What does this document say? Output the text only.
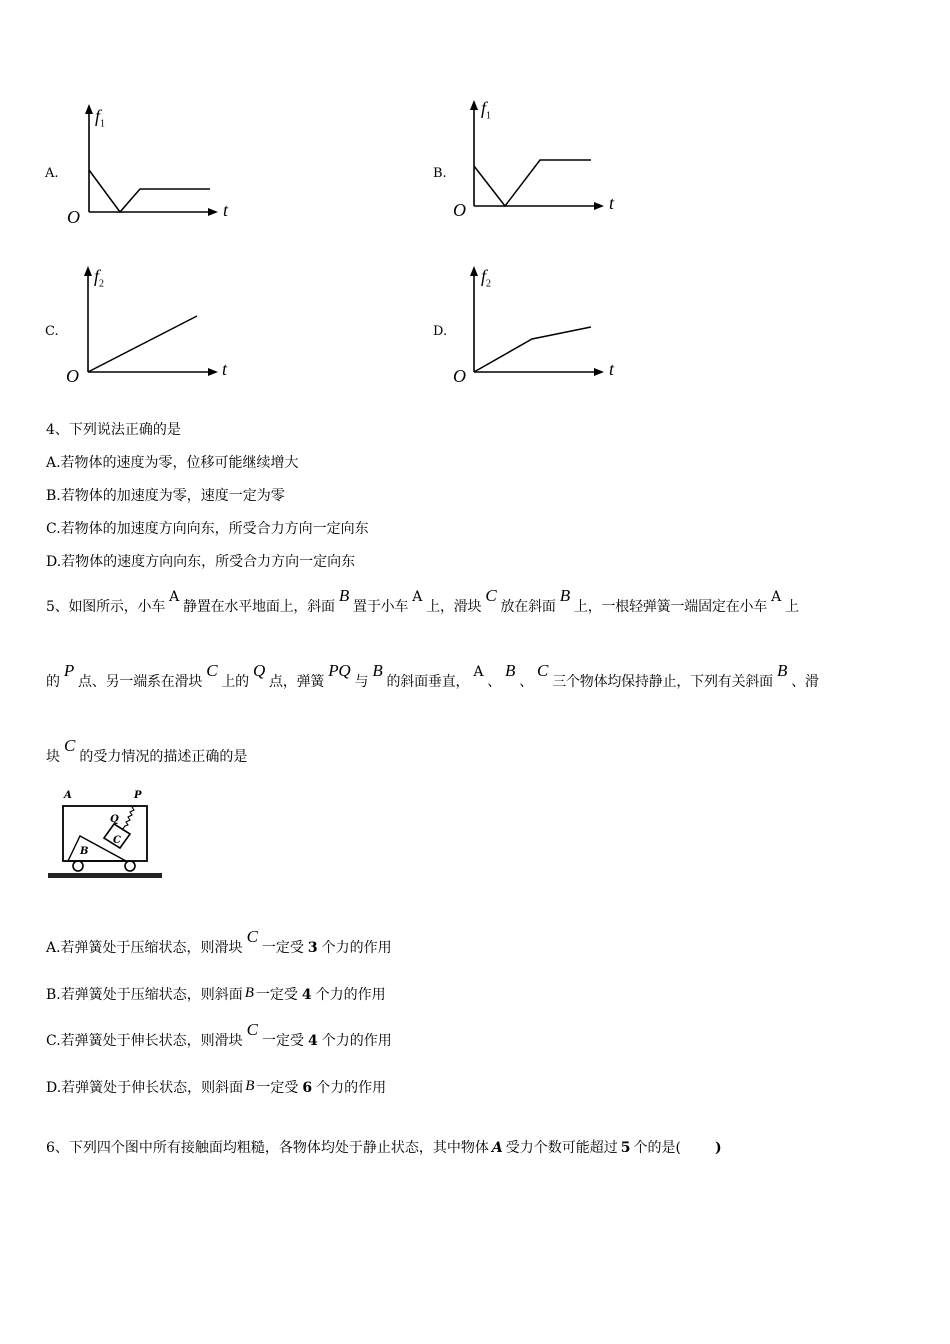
A.
$f_1$
t
O
B.
$f_1$
t
O
C.
$f_2$
t
O
D.
$f_2$
t
O
4、下列说法正确的是
A.若物体的速度为零，位移可能继续增大
B.若物体的加速度为零，速度一定为零
C.若物体的加速度方向向东，所受合力方向一定向东
D.若物体的速度方向向东，所受合力方向一定向东
5、如图所示，小车A静置在水平地面上，斜面B置于小车A上，滑块C放在斜面B上，一根轻弹簧一端固定在小车A上
的P点、另一端系在滑块C上的Q点，弹簧PQ与B的斜面垂直，A、B、C三个物体均保持静止，下列有关斜面B、滑
块C的受力情况的描述正确的是
A	P
Q
B
C
A.若弹簧处于压缩状态，则滑块C一定受 3 个力的作用
B.若弹簧处于压缩状态，则斜面 B 一定受 4 个力的作用
C.若弹簧处于伸长状态，则滑块C一定受 4 个力的作用
D.若弹簧处于伸长状态，则斜面 B 一定受 6 个力的作用
6、下列四个图中所有接触面均粗糙，各物体均处于静止状态，其中物体 A 受力个数可能超过 5 个的是( )
